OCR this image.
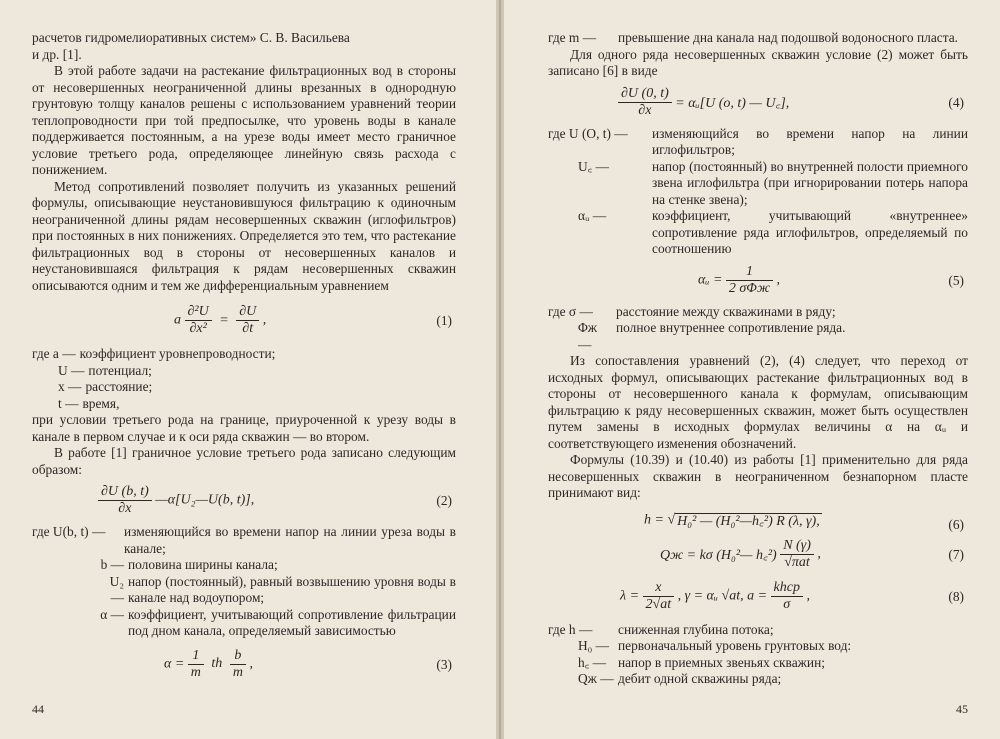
расчетов гидромелиоративных систем» С. В. Васильева

и др. [1].

В этой работе задачи на растекание фильтрационных вод в стороны от несовершенных неограниченной длины врезанных в однородную грунтовую толщу каналов решены с использованием уравнений теории теплопроводности при той предпосылке, что уровень воды в канале поддерживается постоянным, а на урезе воды имеет место граничное условие третьего рода, определяющее линейную связь расхода с понижением.

Метод сопротивлений позволяет получить из указанных решений формулы, описывающие неустановившуюся фильтрацию к одиночным неограниченной длины рядам несовершенных скважин (иглофильтров) при постоянных в них понижениях. Определяется это тем, что растекание фильтрационных вод в стороны от несовершенных каналов и неустановившаяся фильтрация к рядам несовершенных скважин описываются одним и тем же дифференциальным уравнением

a $\frac{\text{∂²U}}{\text{∂x²}} = \frac{\partial U}{\partial t}$ ,	(1)
где a — коэффициент уровнепроводности;
U — потенциал;
x — расстояние;
t — время,

при условии третьего рода на границе, приуроченной к урезу воды в канале в первом случае и к оси ряда скважин — во втором.

В работе [1] граничное условие третьего рода записано следующим образом:

$\frac{\partial U (b, t)}{\partial x}$ —α[U₂—U(b, t)],	(2)
где U(b, t) —	изменяющийся во времени напор на линии уреза воды в канале;
b — половина ширины канала;
U₂ —
напор (постоянный), равный возвышению уровня воды в канале над водоупором;
α — коэффициент, учитывающий сопротивление фильтрации под дном канала, определяемый зависимостью
$\alpha = \frac{1}{m}$ th $\frac{b}{m}$ ,	(3)
44
где m —	превышение дна канала над подошвой водоносного пласта.

Для одного ряда несовершенных скважин условие (2) может быть записано [6] в виде

$\frac{\partial U (0, t)}{\partial x}$ = αᵤ[U (o, t) — U꜀],	(4)
где U (O, t) —	изменяющийся во времени напор на линии иглофильтров;
U꜀ —	напор (постоянный) во внутренней полости приемного звена иглофильтра (при игнорировании потерь напора на стенке звена);
αᵤ —	коэффициент, учитывающий «внутреннее» сопротивление ряда иглофильтров, определяемый по соотношению
αᵤ = $\frac{1}{\text{2 σΦж}}$ ,	(5)
где σ —	расстояние между скважинами в ряду;
Φж —
полное внутреннее сопротивление ряда.

Из сопоставления уравнений (2), (4) следует, что переход от исходных формул, описывающих растекание фильтрационных вод в стороны от несовершенного канала к формулам, описывающим фильтрацию к ряду несовершенных скважин, может быть осуществлен путем замены в исходных формулах величины α на αᵤ и соответствующего изменения обозначений.

Формулы (10.39) и (10.40) из работы [1] применительно для ряда несовершенных скважин в неограниченном безнапорном пласте принимают вид:

h = √ H₀² — (H₀²—h꜀²) R (λ, γ),	(6)
Qж = kσ (H₀²— h꜀²) $\frac{N (\gamma)}{\text{√πat}}$ ,	(7)
$\lambda = \frac{x}{2√at}$ , γ = αᵤ √at, $a = \frac{\text{khср}}{\sigma}$ ,	(8)
где h —	сниженная глубина потока;
H₀ — первоначальный уровень грунтовых вод:
h꜀ — напор в приемных звеньях скважин;
Qж — дебит одной скважины ряда;
45
